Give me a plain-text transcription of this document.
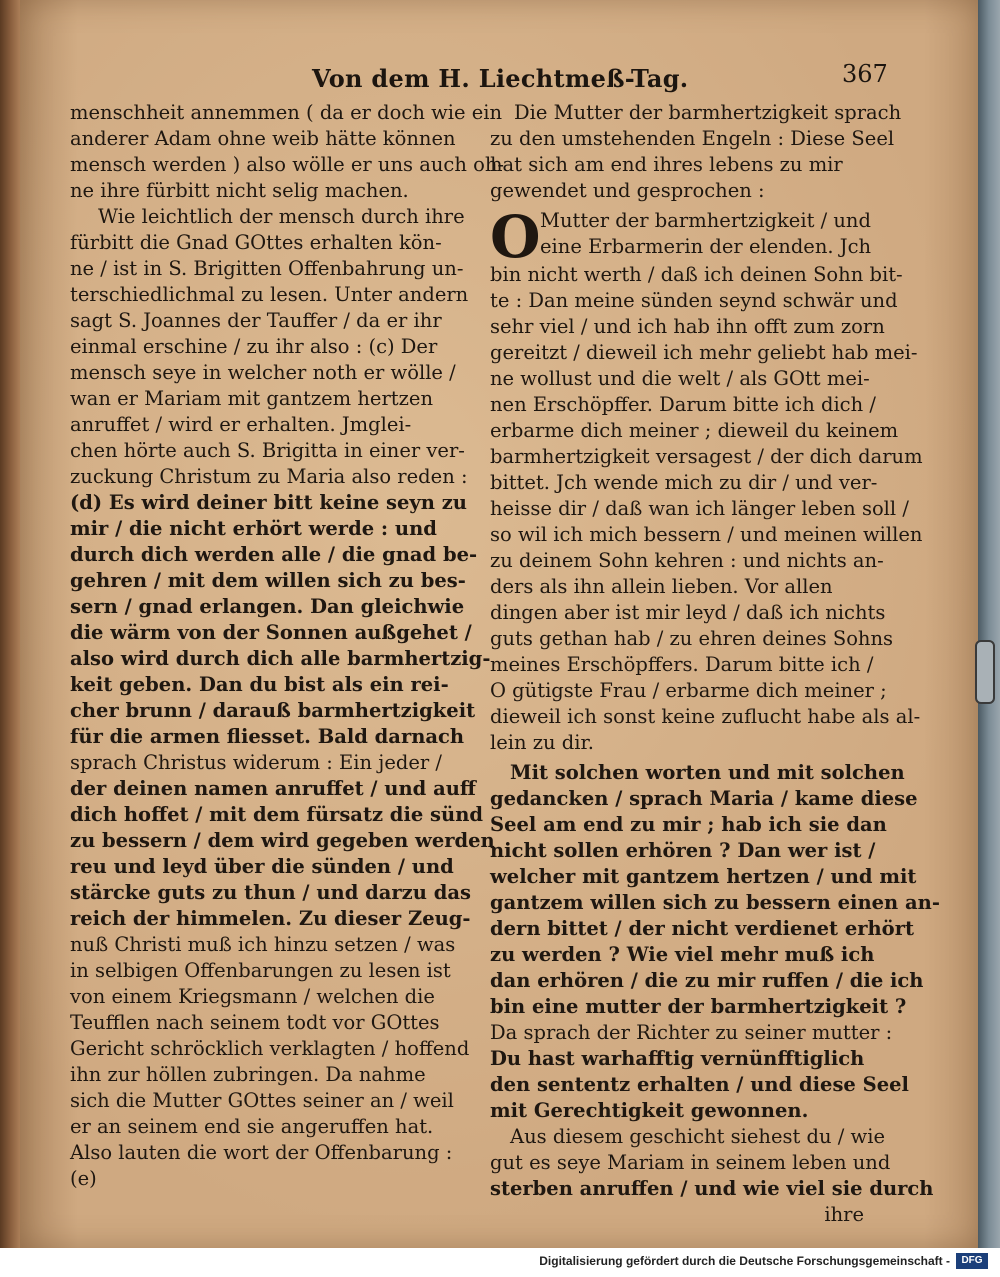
Von dem H. Liechtmeß-Tag.	367
menschheit annemmen ( da er doch wie ein
anderer Adam ohne weib hätte können
mensch werden ) also wölle er uns auch oh-
ne ihre fürbitt nicht selig machen.
Wie leichtlich der mensch durch ihre
fürbitt die Gnad GOttes erhalten kön-
ne / ist in S. Brigitten Offenbahrung un-
terschiedlichmal zu lesen. Unter andern
sagt S. Joannes der Tauffer / da er ihr
einmal erschine / zu ihr also : (c) Der
mensch seye in welcher noth er wölle /
wan er Mariam mit gantzem hertzen
anruffet / wird er erhalten. Jmglei-
chen hörte auch S. Brigitta in einer ver-
zuckung Christum zu Maria also reden :
(d) Es wird deiner bitt keine seyn zu
mir / die nicht erhört werde : und
durch dich werden alle / die gnad be-
gehren / mit dem willen sich zu bes-
sern / gnad erlangen. Dan gleichwie
die wärm von der Sonnen außgehet /
also wird durch dich alle barmhertzig-
keit geben. Dan du bist als ein rei-
cher brunn / darauß barmhertzigkeit
für die armen fliesset. Bald darnach
sprach Christus widerum : Ein jeder /
der deinen namen anruffet / und auff
dich hoffet / mit dem fürsatz die sünd
zu bessern / dem wird gegeben werden
reu und leyd über die sünden / und
stärcke guts zu thun / und darzu das
reich der himmelen. Zu dieser Zeug-
nuß Christi muß ich hinzu setzen / was
in selbigen Offenbarungen zu lesen ist
von einem Kriegsmann / welchen die
Teufflen nach seinem todt vor GOttes
Gericht schröcklich verklagten / hoffend
ihn zur höllen zubringen. Da nahme
sich die Mutter GOttes seiner an / weil
er an seinem end sie angeruffen hat.
Also lauten die wort der Offenbarung :
(e)
Die Mutter der barmhertzigkeit sprach
zu den umstehenden Engeln : Diese Seel
hat sich am end ihres lebens zu mir
gewendet und gesprochen :
O Mutter der barmhertzigkeit / und
eine Erbarmerin der elenden. Jch
bin nicht werth / daß ich deinen Sohn bit-
te : Dan meine sünden seynd schwär und
sehr viel / und ich hab ihn offt zum zorn
gereitzt / dieweil ich mehr geliebt hab mei-
ne wollust und die welt / als GOtt mei-
nen Erschöpffer. Darum bitte ich dich /
erbarme dich meiner ; dieweil du keinem
barmhertzigkeit versagest / der dich darum
bittet. Jch wende mich zu dir / und ver-
heisse dir / daß wan ich länger leben soll /
so wil ich mich bessern / und meinen willen
zu deinem Sohn kehren : und nichts an-
ders als ihn allein lieben. Vor allen
dingen aber ist mir leyd / daß ich nichts
guts gethan hab / zu ehren deines Sohns
meines Erschöpffers. Darum bitte ich /
O gütigste Frau / erbarme dich meiner ;
dieweil ich sonst keine zuflucht habe als al-
lein zu dir.
Mit solchen worten und mit solchen
gedancken / sprach Maria / kame diese
Seel am end zu mir ; hab ich sie dan
nicht sollen erhören ? Dan wer ist /
welcher mit gantzem hertzen / und mit
gantzem willen sich zu bessern einen an-
dern bittet / der nicht verdienet erhört
zu werden ? Wie viel mehr muß ich
dan erhören / die zu mir ruffen / die ich
bin eine mutter der barmhertzigkeit ?
Da sprach der Richter zu seiner mutter :
Du hast warhafftig vernünfftiglich
den sententz erhalten / und diese Seel
mit Gerechtigkeit gewonnen.
Aus diesem geschicht siehest du / wie
gut es seye Mariam in seinem leben und
sterben anruffen / und wie viel sie durch
ihre
Digitalisierung gefördert durch die Deutsche Forschungsgemeinschaft -	DFG
